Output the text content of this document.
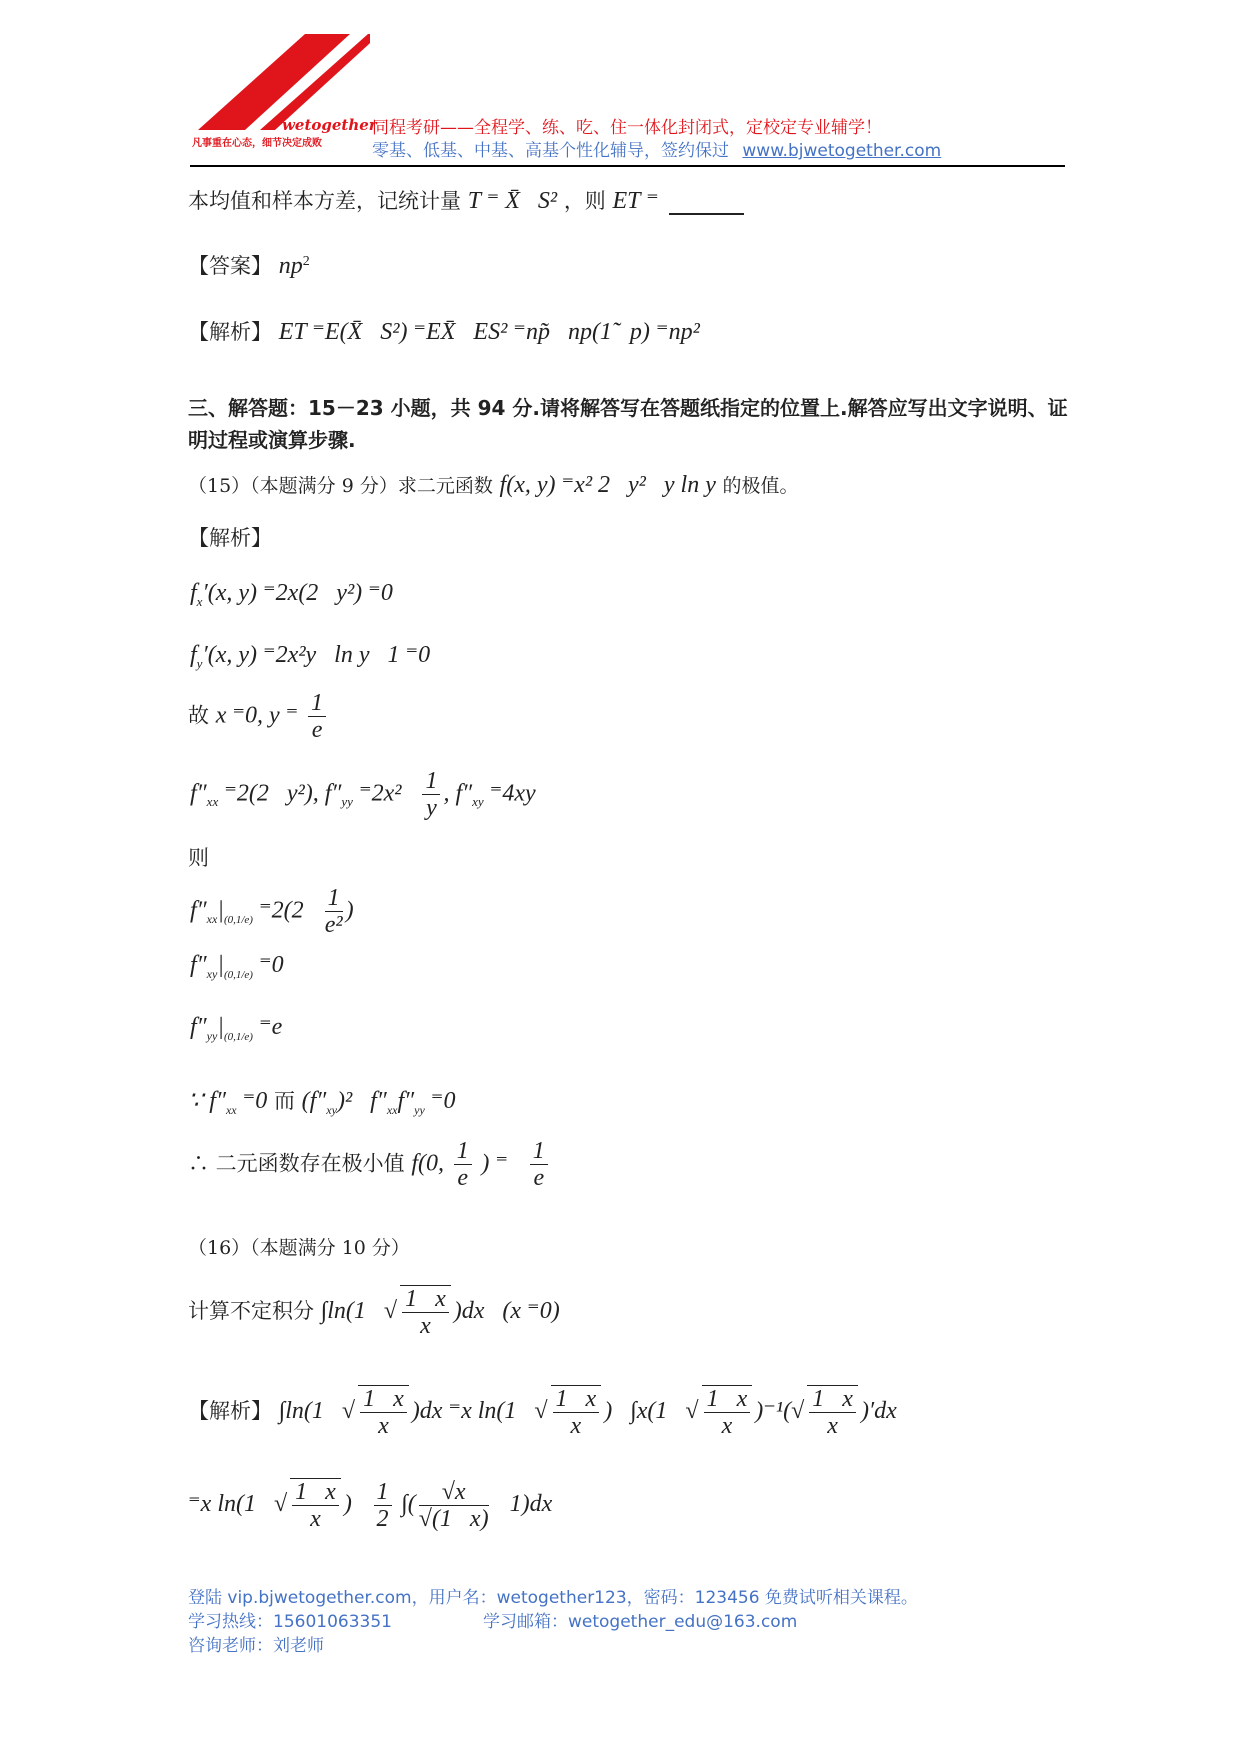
wetogether
凡事重在心态，细节决定成败
同程考研——全程学、练、吃、住一体化封闭式，定校定专业辅学！
零基、低基、中基、高基个性化辅导，签约保过 www.bjwetogether.com
本均值和样本方差，记统计量 T ⁼ X̄   S² ，则 ET ⁼
【答案】 $np^2$
【解析】 ET ⁼E(X̄   S²) ⁼EX̄   ES² ⁼np̃   np(1̃   p) ⁼np²
三、解答题：15－23 小题，共 94 分.请将解答写在答题纸指定的位置上.解答应写出文字说明、证明过程或演算步骤.
（15）（本题满分 9 分）求二元函数 f(x, y) ⁼x² 2   y²   y ln y 的极值。
【解析】
$f_x'(x$, y) ⁼2x(2   y²) ⁼0
$f_y'(x$, y) ⁼2x²y   ln y   1 ⁼0
故 x ⁼0, y ⁼ $\frac{1}{e}$
$f''_{xx}$ ⁼2(2   y²), $f''_{yy}$ $^=2x^2 \frac{1}{y}$ , $f''_{xy}$ ⁼4xy
则
$f''_{xx}|_{(0,1/e)}$ $^=2(2 \frac{1}{\text{e²}}$ )
$f''_{xy}|_{(0,1/e)}$ ⁼0
$f''_{yy}|_{(0,1/e)}$ ⁼e
∵ $f''_{xx}$ ⁼0 而 $(f''_{xy})^2$   $f''_{xx}f''_{yy}$ ⁼0
∴ 二元函数存在极小值 f(0, $\frac{1}{e}$ ) ⁼ $\frac{1}{e}$
（16）（本题满分 10 分）
计算不定积分 ∫ln(1   √ $\frac{1 x}{x} )dx$   (x ⁼0)
【解析】 ∫ln(1   √ $\frac{1 x}{x} )dx$ ⁼x ln(1   √ $\frac{1 x}{x}$ )   ∫x(1   √ $\frac{1 x}{x} )^{-1}(√ \frac{1 x}{x} )'dx$
⁼x ln(1   √ $\frac{1 x}{x}$ ) $\frac{1}{2}$ ∫( $\frac{√x}{√(1 x)} 1)dx$
登陆 vip.bjwetogether.com，用户名：wetogether123，密码：123456 免费试听相关课程。
学习热线：15601063351	学习邮箱：wetogether_edu@163.com
咨询老师：刘老师
